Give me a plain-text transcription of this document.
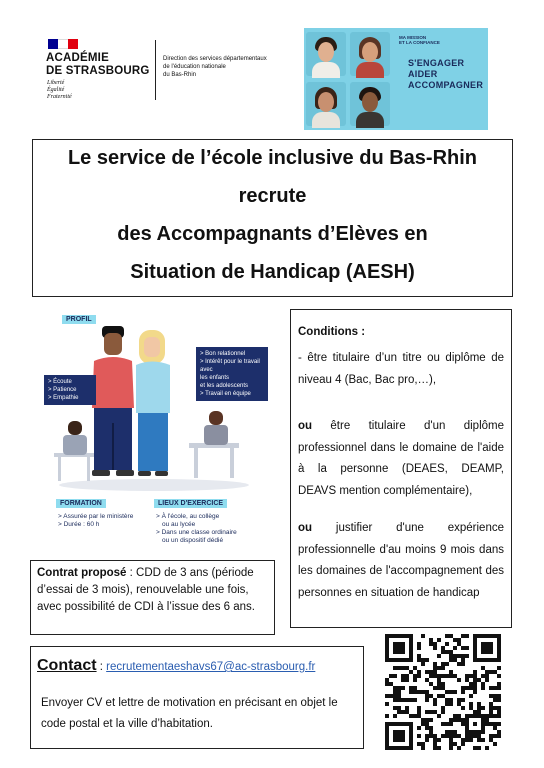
ACADÉMIE
DE STRASBOURG
Liberté
Égalité
Fraternité
Direction des services départementaux
de l'éducation nationale
du Bas-Rhin
MA MISSION
ET LA CONFIANCE
S'ENGAGER
AIDER
ACCOMPAGNER
Le service de l’école inclusive du Bas-Rhin
recrute
des Accompagnants d’Elèves en
Situation de Handicap (AESH)
PROFIL
> Écoute
> Patience
> Empathie
> Bon relationnel
> Intérêt pour le travail avec
les enfants
et les adolescents
> Travail en équipe
FORMATION
> Assurée par le ministère
> Durée : 60 h
LIEUX D'EXERCICE
> À l'école, au collège
ou au lycée
> Dans une classe ordinaire
ou un dispositif dédié
Conditions :
- être titulaire d’un titre ou diplôme de niveau 4 (Bac, Bac pro,…),
ou être titulaire d'un diplôme professionnel dans le domaine de l'aide à la personne (DEAES, DEAMP, DEAVS mention complémentaire),
ou justifier d'une expérience professionnelle d'au moins 9 mois dans les domaines de l'accompagnement des personnes en situation de handicap
Contrat proposé : CDD de 3 ans (période d’essai de 3 mois), renouvelable une fois, avec possibilité de CDI à l’issue des 6 ans.
Contact : recrutementaeshavs67@ac-strasbourg.fr
Envoyer CV et lettre de motivation en précisant en objet le code postal et la ville d’habitation.
